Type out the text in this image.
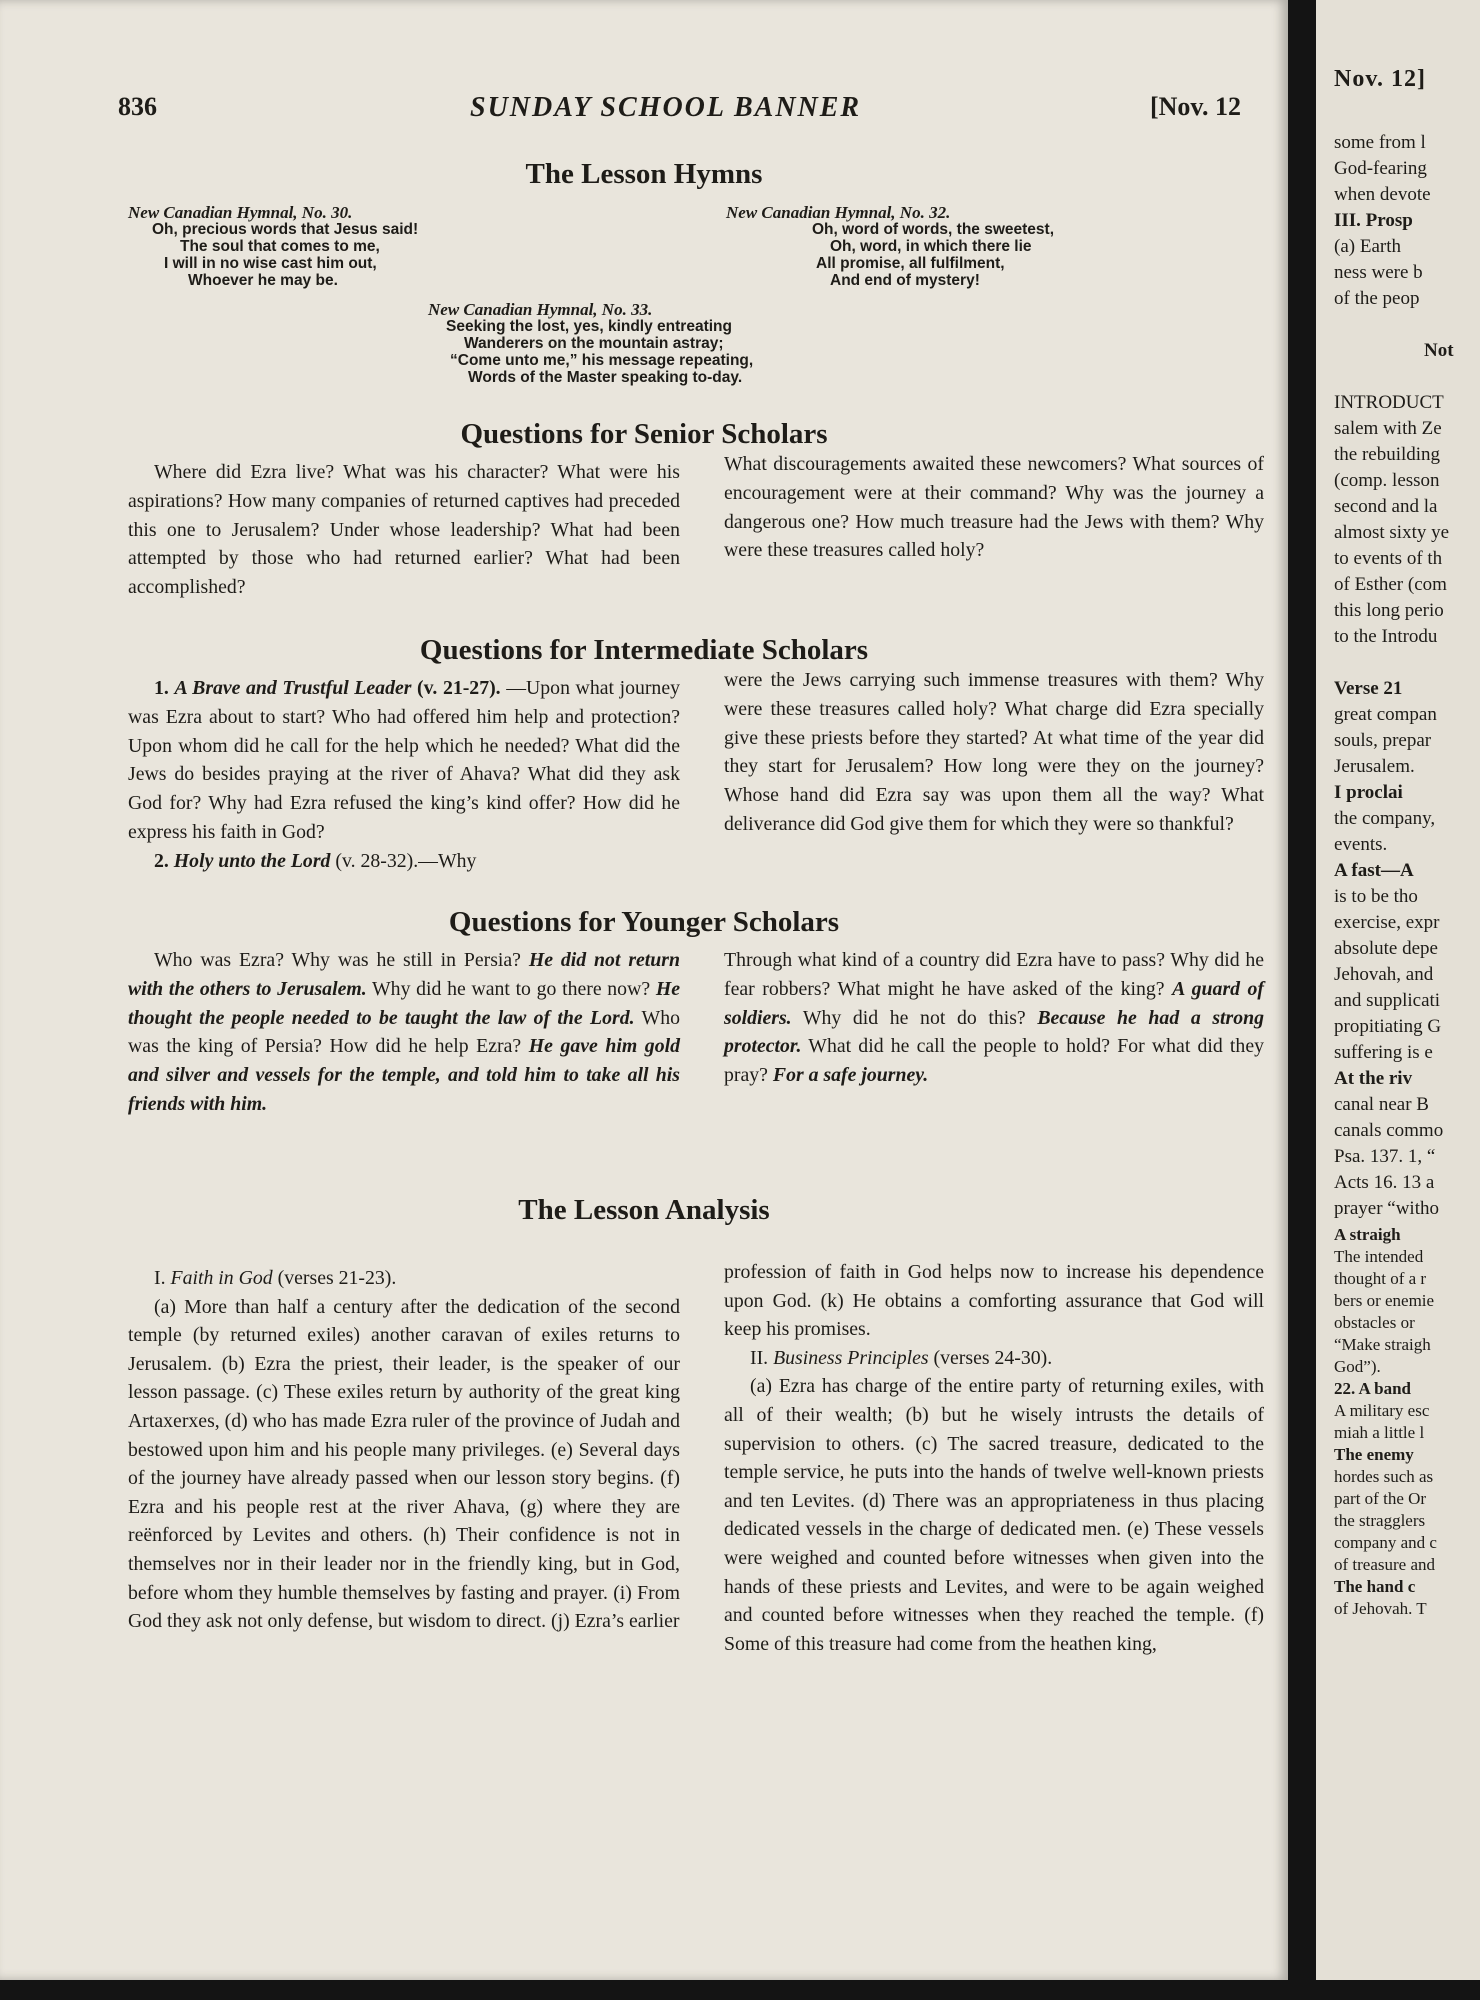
836	SUNDAY SCHOOL BANNER	[Nov. 12
The Lesson Hymns
New Canadian Hymnal, No. 30.
Oh, precious words that Jesus said!
The soul that comes to me,
I will in no wise cast him out,
Whoever he may be.
New Canadian Hymnal, No. 32.
Oh, word of words, the sweetest,
Oh, word, in which there lie
All promise, all fulfilment,
And end of mystery!
New Canadian Hymnal, No. 33.
Seeking the lost, yes, kindly entreating
Wanderers on the mountain astray;
“Come unto me,” his message repeating,
Words of the Master speaking to-day.
Questions for Senior Scholars

Where did Ezra live? What was his character? What were his aspirations? How many companies of returned captives had preceded this one to Jerusalem? Under whose leadership? What had been attempted by those who had returned earlier? What had been accomplished?

What discouragements awaited these newcomers? What sources of encouragement were at their command? Why was the journey a dangerous one? How much treasure had the Jews with them? Why were these treasures called holy?

Questions for Intermediate Scholars

1. A Brave and Trustful Leader (v. 21-27). —Upon what journey was Ezra about to start? Who had offered him help and protection? Upon whom did he call for the help which he needed? What did the Jews do besides praying at the river of Ahava? What did they ask God for? Why had Ezra refused the king’s kind offer? How did he express his faith in God?

2. Holy unto the Lord (v. 28-32).—Why

were the Jews carrying such immense treasures with them? Why were these treasures called holy? What charge did Ezra specially give these priests before they started? At what time of the year did they start for Jerusalem? How long were they on the journey? Whose hand did Ezra say was upon them all the way? What deliverance did God give them for which they were so thankful?

Questions for Younger Scholars

Who was Ezra? Why was he still in Persia? He did not return with the others to Jerusalem. Why did he want to go there now? He thought the people needed to be taught the law of the Lord. Who was the king of Persia? How did he help Ezra? He gave him gold and silver and vessels for the temple, and told him to take all his friends with him.

Through what kind of a country did Ezra have to pass? Why did he fear robbers? What might he have asked of the king? A guard of soldiers. Why did he not do this? Because he had a strong protector. What did he call the people to hold? For what did they pray? For a safe journey.

The Lesson Analysis

I. Faith in God (verses 21-23).

(a) More than half a century after the dedication of the second temple (by returned exiles) another caravan of exiles returns to Jerusalem. (b) Ezra the priest, their leader, is the speaker of our lesson passage. (c) These exiles return by authority of the great king Artaxerxes, (d) who has made Ezra ruler of the province of Judah and bestowed upon him and his people many privileges. (e) Several days of the journey have already passed when our lesson story begins. (f) Ezra and his people rest at the river Ahava, (g) where they are reënforced by Levites and others. (h) Their confidence is not in themselves nor in their leader nor in the friendly king, but in God, before whom they humble themselves by fasting and prayer. (i) From God they ask not only defense, but wisdom to direct. (j) Ezra’s earlier

profession of faith in God helps now to increase his dependence upon God. (k) He obtains a comforting assurance that God will keep his promises.

II. Business Principles (verses 24-30).

(a) Ezra has charge of the entire party of returning exiles, with all of their wealth; (b) but he wisely intrusts the details of supervision to others. (c) The sacred treasure, dedicated to the temple service, he puts into the hands of twelve well-known priests and ten Levites. (d) There was an appropriateness in thus placing dedicated vessels in the charge of dedicated men. (e) These vessels were weighed and counted before witnesses when given into the hands of these priests and Levites, and were to be again weighed and counted before witnesses when they reached the temple. (f) Some of this treasure had come from the heathen king,

Nov. 12]
some from l
God-fearing
when devote
III. Prosp
(a) Earth
ness were b
of the peop
Not
INTRODUCT
salem with Ze
the rebuilding
(comp. lesson
second and la
almost sixty ye
to events of th
of Esther (com
this long perio
to the Introdu
Verse 21
great compan
souls, prepar
Jerusalem.
I proclai
the company,
events.
A fast—A
is to be tho
exercise, expr
absolute depe
Jehovah, and
and supplicati
propitiating G
suffering is e
At the riv
canal near B
canals commo
Psa. 137. 1, “
Acts 16. 13 a
prayer “witho
A straigh
The intended
thought of a r
bers or enemie
obstacles or
“Make straigh
God”).
22. A band
A military esc
miah a little l
The enemy
hordes such as
part of the Or
the stragglers
company and c
of treasure and
The hand c
of Jehovah. T
